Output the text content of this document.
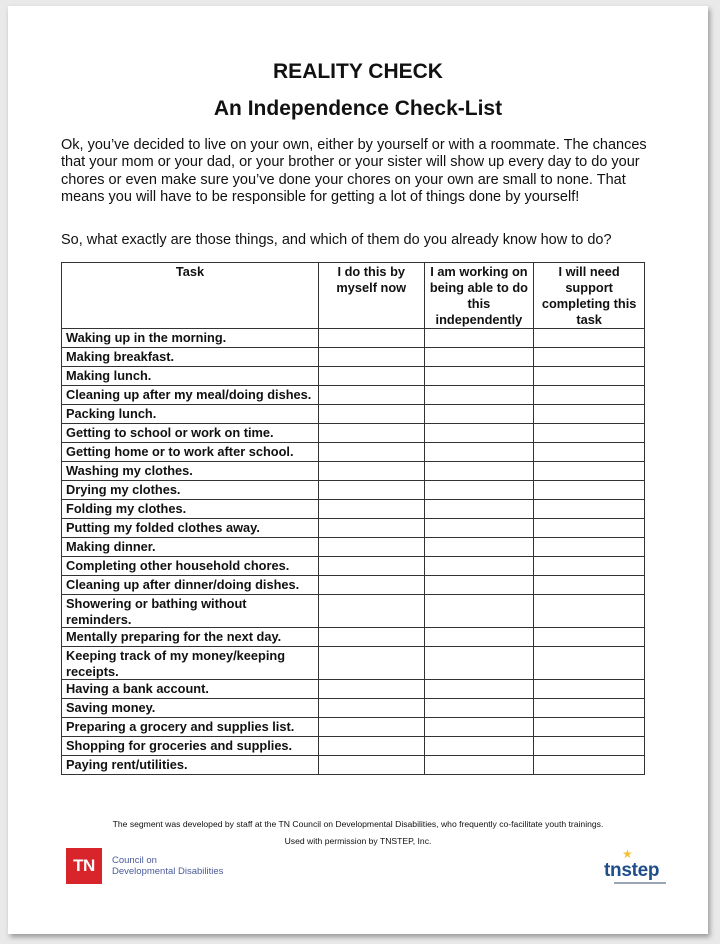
REALITY CHECK
An Independence Check-List

Ok, you’ve decided to live on your own, either by yourself or with a roommate. The chances that your mom or your dad, or your brother or your sister will show up every day to do your chores or even make sure you’ve done your chores on your own are small to none. That means you will have to be responsible for getting a lot of things done by yourself!

So, what exactly are those things, and which of them do you already know how to do?

Task	I do this by myself now	I am working on being able to do this independently	I will need support completing this task
Waking up in the morning.			
Making breakfast.			
Making lunch.			
Cleaning up after my meal/doing dishes.			
Packing lunch.			
Getting to school or work on time.			
Getting home or to work after school.			
Washing my clothes.			
Drying my clothes.			
Folding my clothes.			
Putting my folded clothes away.			
Making dinner.			
Completing other household chores.			
Cleaning up after dinner/doing dishes.			
Showering or bathing without reminders.			
Mentally preparing for the next day.			
Keeping track of my money/keeping receipts.			
Having a bank account.			
Saving money.			
Preparing a grocery and supplies list.			
Shopping for groceries and supplies.			
Paying rent/utilities.			

The segment was developed by staff at the TN Council on Developmental Disabilities, who frequently co-facilitate youth trainings.

Used with permission by TNSTEP, Inc.

TN	Council on
Developmental Disabilities
★
tnstep
